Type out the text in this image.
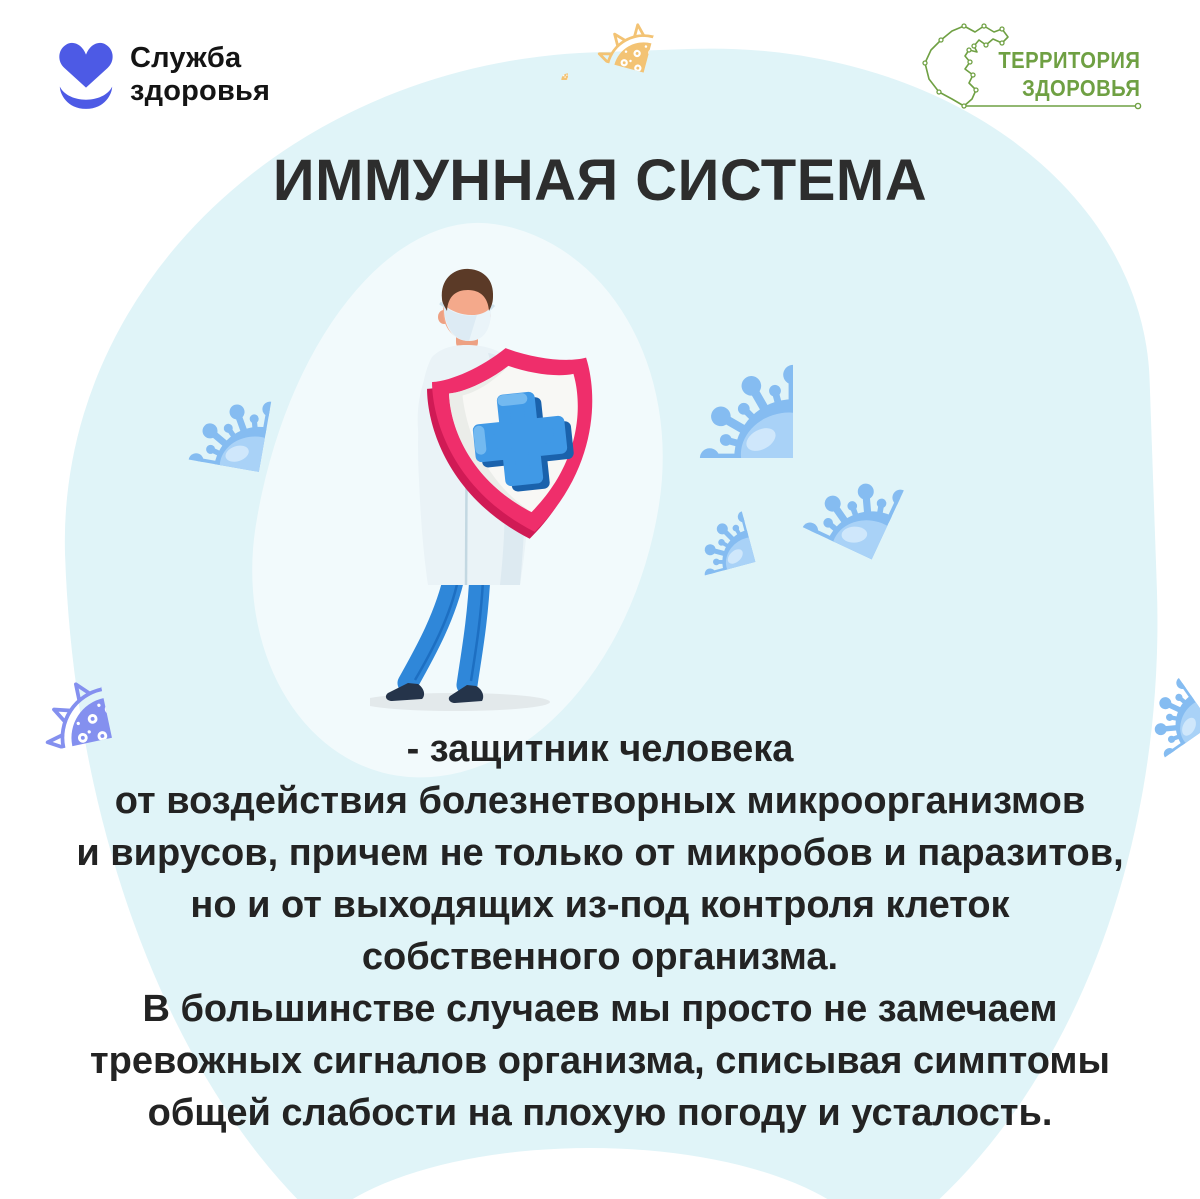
Служба
здоровья
ТЕРРИТОРИЯ
ЗДОРОВЬЯ
ИММУННАЯ СИСТЕМА
- защитник человека
от воздействия болезнетворных микроорганизмов
и вирусов, причем не только от микробов и паразитов,
но и от выходящих из-под контроля клеток
собственного организма.
В большинстве случаев мы просто не замечаем
тревожных сигналов организма, списывая симптомы
общей слабости на плохую погоду и усталость.
